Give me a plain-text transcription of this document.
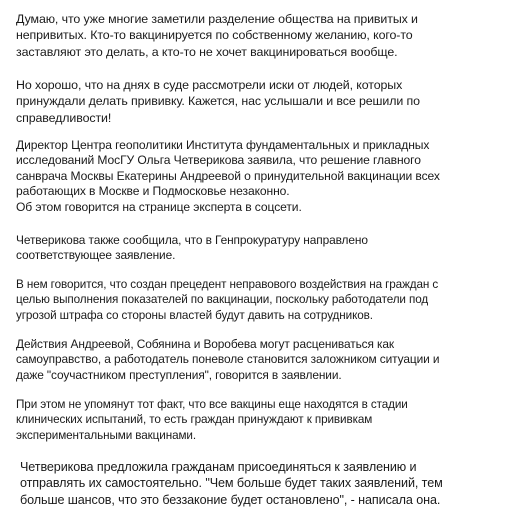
Думаю, что уже многие заметили разделение общества на привитых и
непривитых. Кто-то вакцинируется по собственному желанию, кого-то
заставляют это делать, а кто-то не хочет вакцинироваться вообще.

Но хорошо, что на днях в суде рассмотрели иски от людей, которых
принуждали делать прививку. Кажется, нас услышали и все решили по
справедливости!

Директор Центра геополитики Института фундаментальных и прикладных
исследований МосГУ Ольга Четверикова заявила, что решение главного
санврача Москвы Екатерины Андреевой о принудительной вакцинации всех
работающих в Москве и Подмосковье незаконно.
Об этом говорится на странице эксперта в соцсети.

Четверикова также сообщила, что в Генпрокуратуру направлено
соответствующее заявление.

В нем говорится, что создан прецедент неправового воздействия на граждан с
целью выполнения показателей по вакцинации, поскольку работодатели под
угрозой штрафа со стороны властей будут давить на сотрудников.

Действия Андреевой, Собянина и Воробева могут расцениваться как
самоуправство, а работодатель поневоле становится заложником ситуации и
даже "соучастником преступления", говорится в заявлении.

При этом не упомянут тот факт, что все вакцины еще находятся в стадии
клинических испытаний, то есть граждан принуждают к прививкам
экспериментальными вакцинами.

Четверикова предложила гражданам присоединяться к заявлению и
отправлять их самостоятельно. "Чем больше будет таких заявлений, тем
больше шансов, что это беззаконие будет остановлено", - написала она.
